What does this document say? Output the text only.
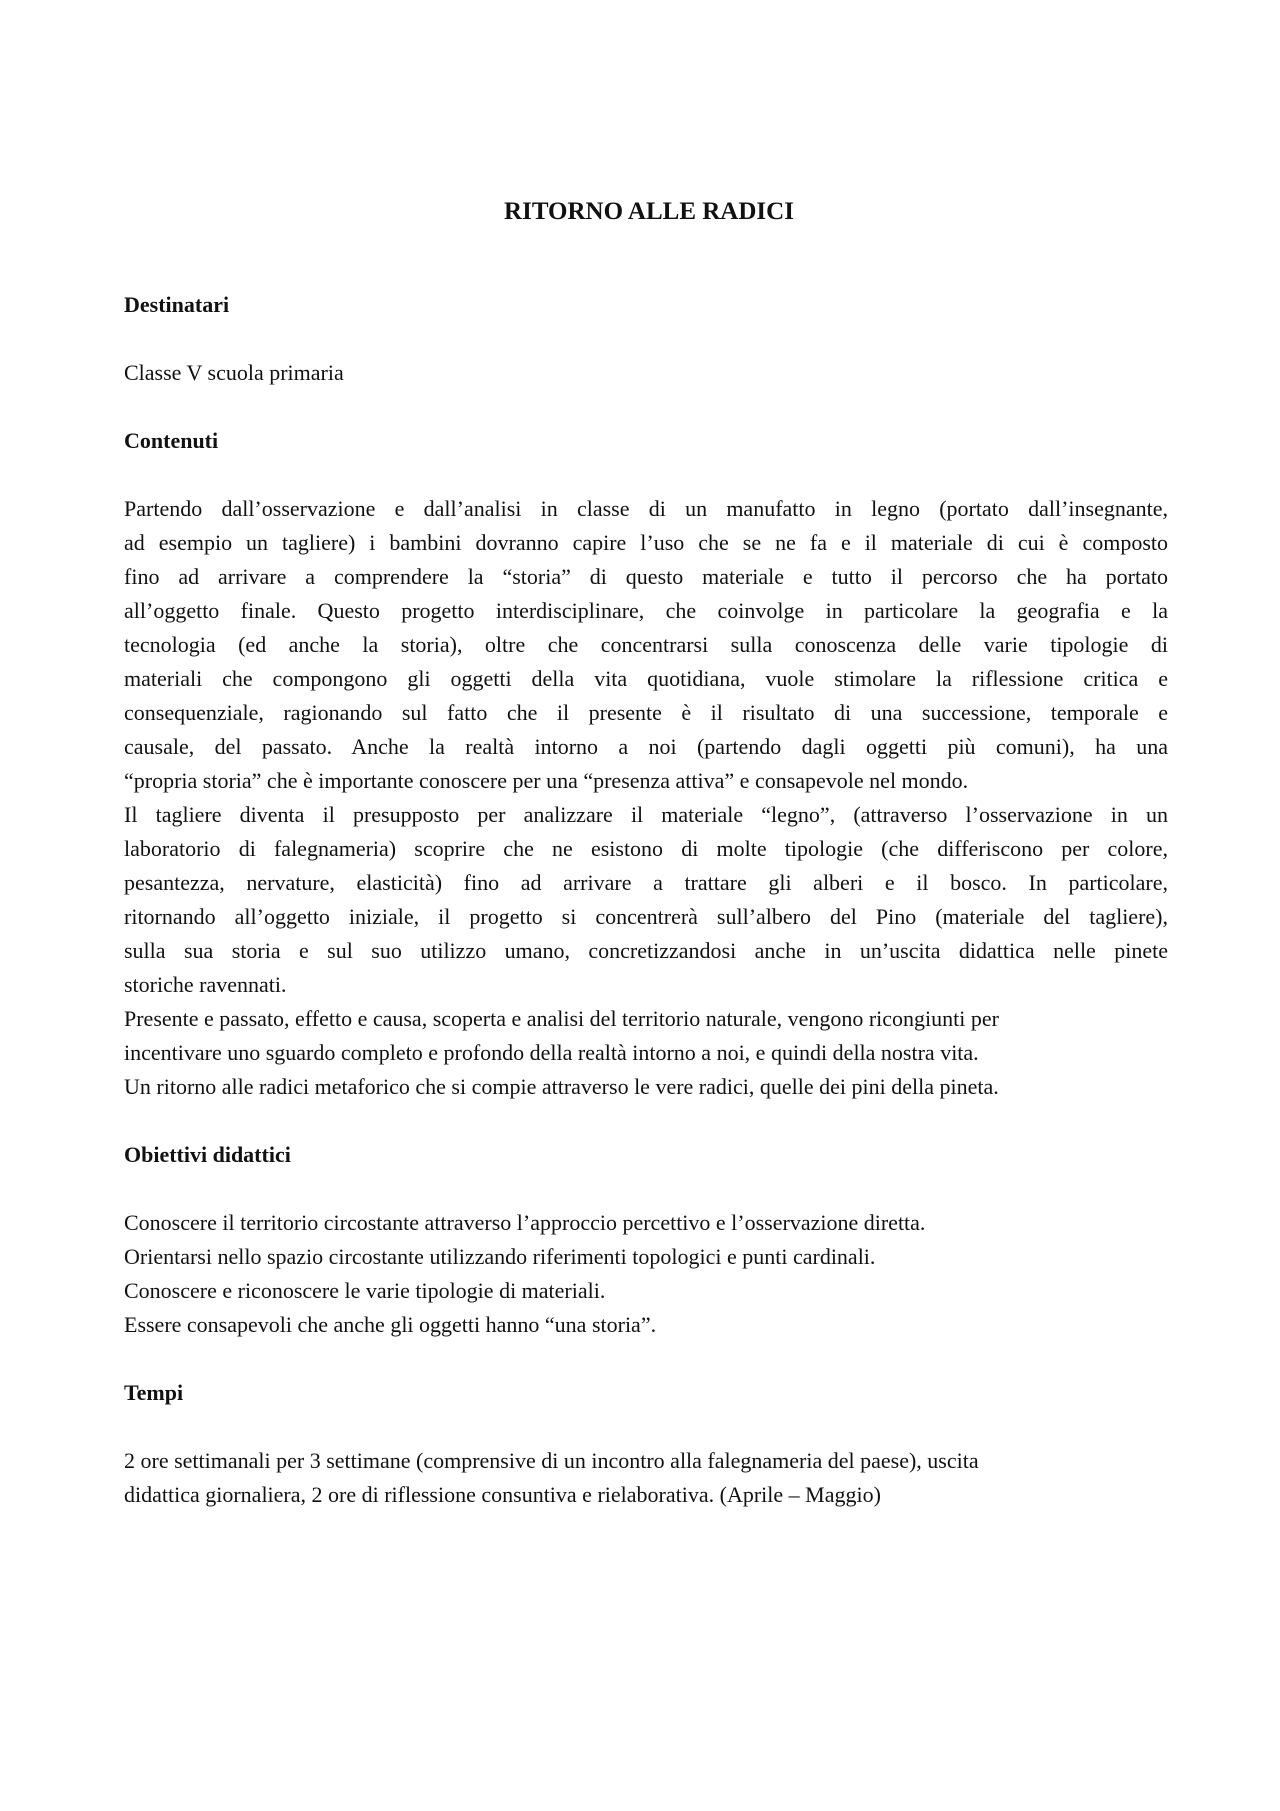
RITORNO ALLE RADICI
Destinatari

Classe V scuola primaria

Contenuti
Partendo dall’osservazione e dall’analisi in classe di un manufatto in legno (portato dall’insegnante,
ad esempio un tagliere) i bambini dovranno capire l’uso che se ne fa e il materiale di cui è composto
fino ad arrivare a comprendere la “storia” di questo materiale e tutto il percorso che ha portato
all’oggetto finale. Questo progetto interdisciplinare, che coinvolge in particolare la geografia e la
tecnologia (ed anche la storia), oltre che concentrarsi sulla conoscenza delle varie tipologie di
materiali che compongono gli oggetti della vita quotidiana, vuole stimolare la riflessione critica e
consequenziale, ragionando sul fatto che il presente è il risultato di una successione, temporale e
causale, del passato. Anche la realtà intorno a noi (partendo dagli oggetti più comuni), ha una
“propria storia” che è importante conoscere per una “presenza attiva” e consapevole nel mondo.
Il tagliere diventa il presupposto per analizzare il materiale “legno”, (attraverso l’osservazione in un
laboratorio di falegnameria) scoprire che ne esistono di molte tipologie (che differiscono per colore,
pesantezza, nervature, elasticità) fino ad arrivare a trattare gli alberi e il bosco. In particolare,
ritornando all’oggetto iniziale, il progetto si concentrerà sull’albero del Pino (materiale del tagliere),
sulla sua storia e sul suo utilizzo umano, concretizzandosi anche in un’uscita didattica nelle pinete
storiche ravennati.
Presente e passato, effetto e causa, scoperta e analisi del territorio naturale, vengono ricongiunti per
incentivare uno sguardo completo e profondo della realtà intorno a noi, e quindi della nostra vita.
Un ritorno alle radici metaforico che si compie attraverso le vere radici, quelle dei pini della pineta.
Obiettivi didattici
Conoscere il territorio circostante attraverso l’approccio percettivo e l’osservazione diretta.
Orientarsi nello spazio circostante utilizzando riferimenti topologici e punti cardinali.
Conoscere e riconoscere le varie tipologie di materiali.
Essere consapevoli che anche gli oggetti hanno “una storia”.
Tempi
2 ore settimanali per 3 settimane (comprensive di un incontro alla falegnameria del paese), uscita
didattica giornaliera, 2 ore di riflessione consuntiva e rielaborativa. (Aprile – Maggio)
